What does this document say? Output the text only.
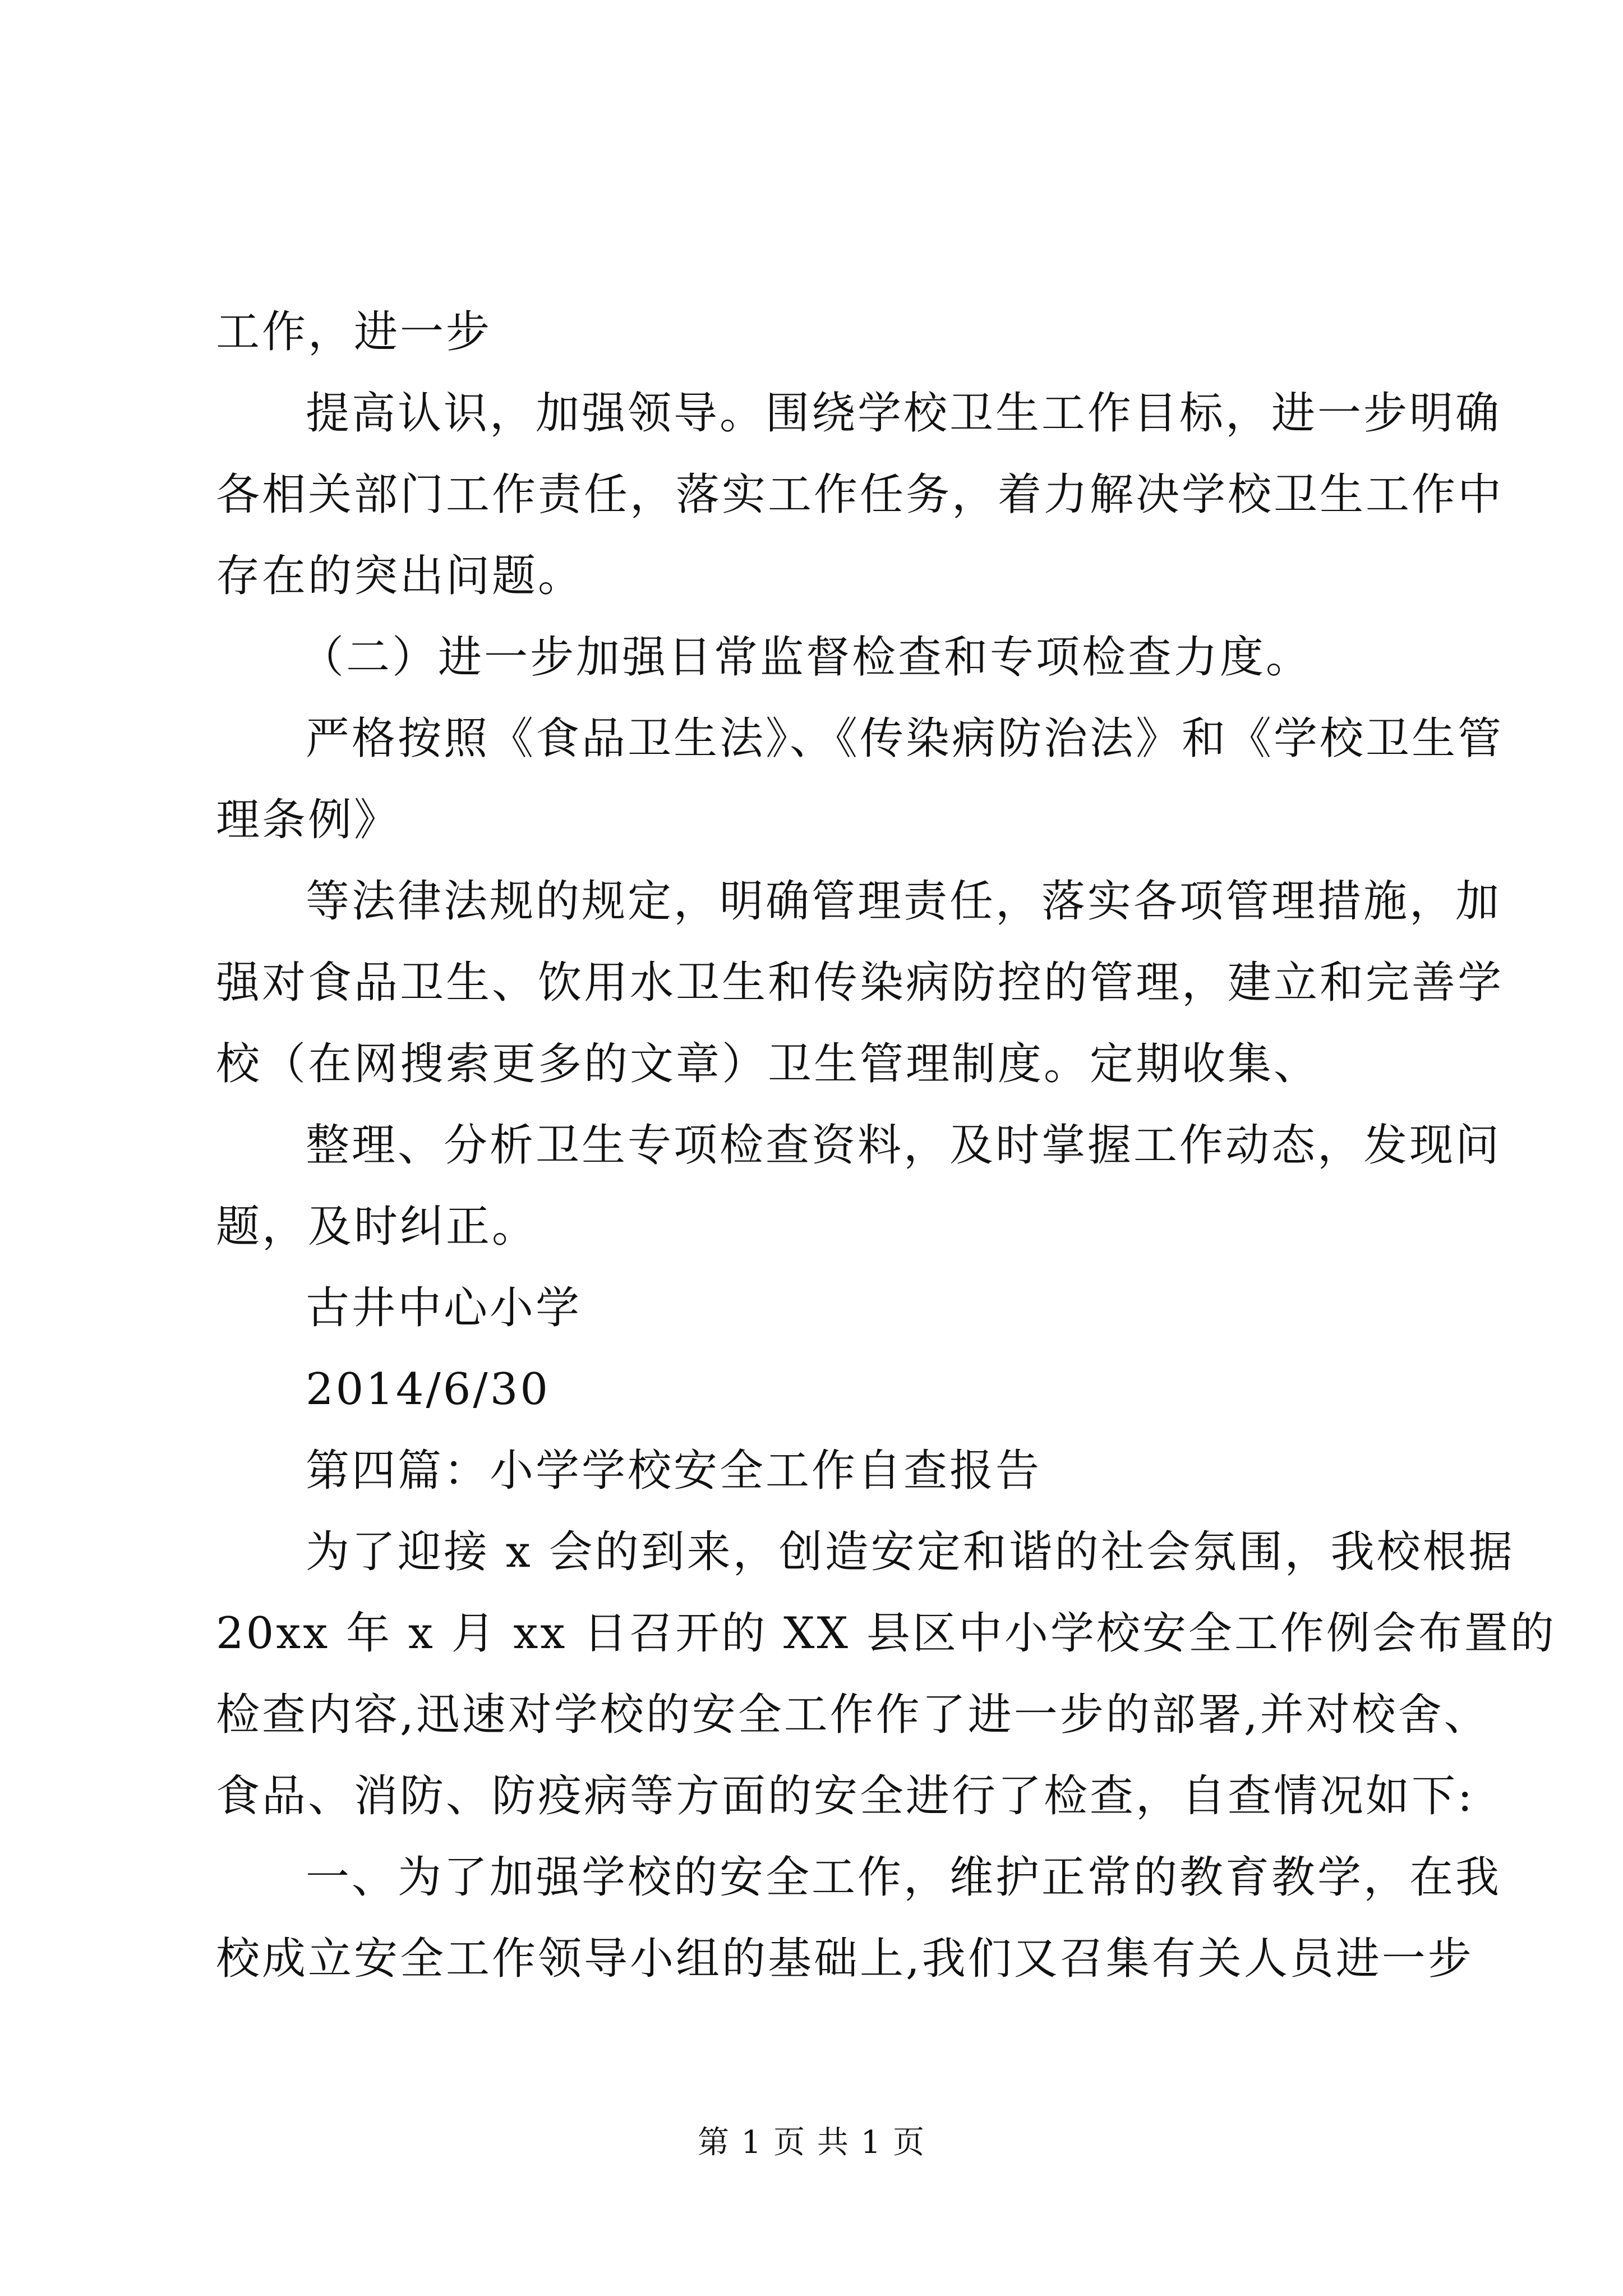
工作，进一步
提高认识，加强领导。围绕学校卫生工作目标，进一步明确
各相关部门工作责任，落实工作任务，着力解决学校卫生工作中
存在的突出问题。
（二）进一步加强日常监督检查和专项检查力度。
严格按照《食品卫生法》、《传染病防治法》和《学校卫生管
理条例》
等法律法规的规定，明确管理责任，落实各项管理措施，加
强对食品卫生、饮用水卫生和传染病防控的管理，建立和完善学
校（在网搜索更多的文章）卫生管理制度。定期收集、
整理、分析卫生专项检查资料，及时掌握工作动态，发现问
题，及时纠正。
古井中心小学
2014/6/30
第四篇：小学学校安全工作自查报告
为了迎接 x 会的到来，创造安定和谐的社会氛围，我校根据
20xx 年 x 月 xx 日召开的 XX 县区中小学校安全工作例会布置的
检查内容,迅速对学校的安全工作作了进一步的部署,并对校舍、
食品、消防、防疫病等方面的安全进行了检查，自查情况如下:
一、为了加强学校的安全工作，维护正常的教育教学，在我
校成立安全工作领导小组的基础上,我们又召集有关人员进一步
第 1 页 共 1 页
